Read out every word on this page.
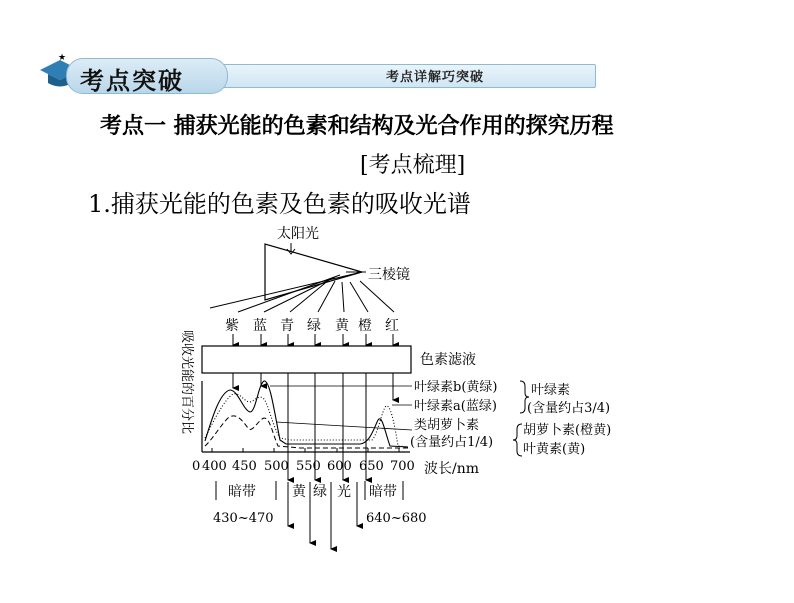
★
考点突破	考点详解巧突破
考点一 捕获光能的色素和结构及光合作用的探究历程
[考点梳理]
1.捕获光能的色素及色素的吸收光谱
太阳光
三棱镜
紫 蓝 青 绿 黄 橙 红
色素滤液
吸收光能的百分比
0 400 450 500 550 600 650 700 波长/nm
叶绿素b(黄绿)
叶绿素a(蓝绿)
类胡萝卜素
(含量约占1/4)
叶绿素
(含量约占3/4)
胡萝卜素(橙黄)
叶黄素(黄)
暗带
430~470
黄 绿 光 暗带
640~680
